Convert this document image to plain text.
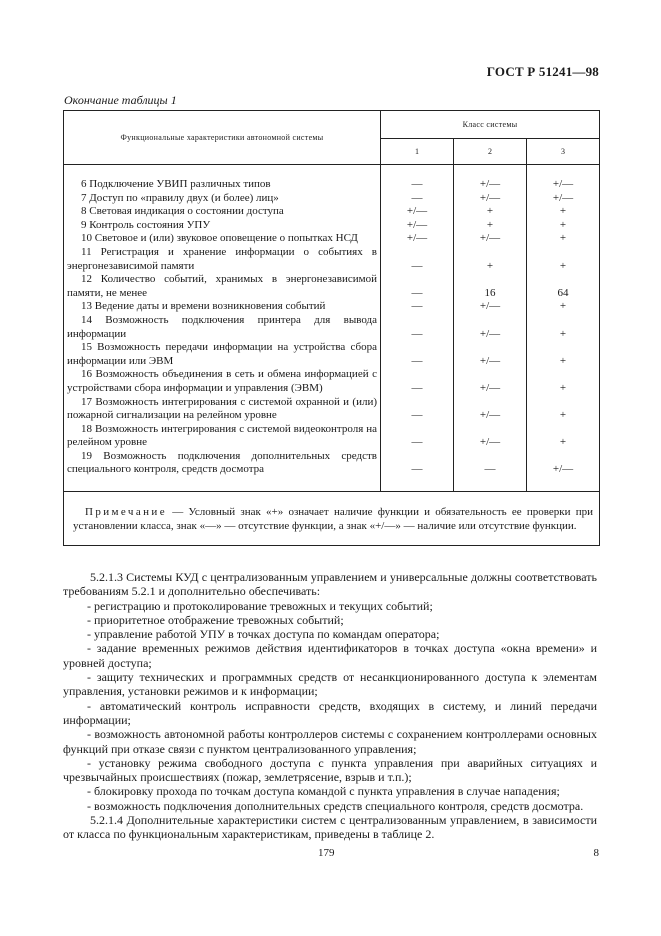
ГОСТ Р 51241—98
Окончание таблицы 1
Функциональные характеристики автономной системы	Класс системы		
	1	2	3

6 Подключение УВИП различных типов	—	+/—	+/—

7 Доступ по «правилу двух (и более) лиц»	—	+/—	+/—

8 Световая индикация о состоянии доступа	+/—	+	+

9 Контроль состояния УПУ	+/—	+	+

10 Световое и (или) звуковое оповещение о попытках НСД	+/—	+/—	+

11 Регистрация и хранение информации о событиях в энергонезависимой памяти	—	+	+

12 Количество событий, хранимых в энергонезависимой памяти, не менее	—	16	64

13 Ведение даты и времени возникновения событий	—	+/—	+

14 Возможность подключения принтера для вывода информации	—	+/—	+

15 Возможность передачи информации на устройства сбора информации или ЭВМ	—	+/—	+

16 Возможность объединения в сеть и обмена информацией с устройствами сбора информации и управления (ЭВМ)	—	+/—	+

17 Возможность интегрирования с системой охранной и (или) пожарной сигнализации на релейном уровне	—	+/—	+

18 Возможность интегрирования с системой видеоконтроля на релейном уровне	—	+/—	+

19 Возможность подключения дополнительных средств специального контроля, средств досмотра	—	—	+/—
Примечание — Условный знак «+» означает наличие функции и обязательность ее проверки при установлении класса, знак «—» — отсутствие функции, а знак «+/—» — наличие или отсутствие функции.			

5.2.1.3 Системы КУД с централизованным управлением и универсальные должны соответствовать требованиям 5.2.1 и дополнительно обеспечивать:

- регистрацию и протоколирование тревожных и текущих событий;

- приоритетное отображение тревожных событий;

- управление работой УПУ в точках доступа по командам оператора;

- задание временных режимов действия идентификаторов в точках доступа «окна времени» и уровней доступа;

- защиту технических и программных средств от несанкционированного доступа к элементам управления, установки режимов и к информации;

- автоматический контроль исправности средств, входящих в систему, и линий передачи информации;

- возможность автономной работы контроллеров системы с сохранением контроллерами основных функций при отказе связи с пунктом централизованного управления;

- установку режима свободного доступа с пункта управления при аварийных ситуациях и чрезвычайных происшествиях (пожар, землетрясение, взрыв и т.п.);

- блокировку прохода по точкам доступа командой с пункта управления в случае нападения;

- возможность подключения дополнительных средств специального контроля, средств досмотра.

5.2.1.4 Дополнительные характеристики систем с централизованным управлением, в зависимости от класса по функциональным характеристикам, приведены в таблице 2.

179	8
